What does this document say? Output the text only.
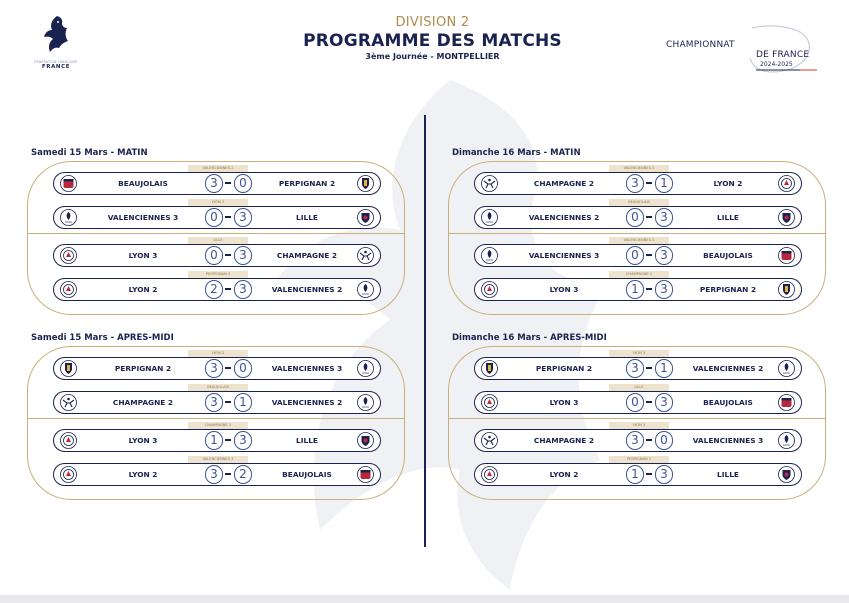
FÉDÉRATION FRANÇAISE
FRANCE
DIVISION 2
PROGRAMME DES MATCHS
3ème Journée - MONTPELLIER
CHAMPIONNAT
DE FRANCE
2024-2025
Samedi 15 Mars - MATIN
VALENCIENNES 2
BEAUJOLAIS	3	0	PERPIGNAN 2
LYON 2
VALENCIENNES 3	0	3	LILLE
LILLE
LYON 3	0	3	CHAMPAGNE 2
PERPIGNAN 2
LYON 2	2	3	VALENCIENNES 2
Dimanche 16 Mars - MATIN
VALENCIENNES 3
CHAMPAGNE 2	3	1	LYON 2
BEAUJOLAIS
VALENCIENNES 2	0	3	LILLE
VALENCIENNES 2
VALENCIENNES 3	0	3	BEAUJOLAIS
CHAMPAGNE 2
LYON 3	1	3	PERPIGNAN 2
Samedi 15 Mars - APRES-MIDI
LYON 2
PERPIGNAN 2	3	0	VALENCIENNES 3
BEAUJOLAIS
CHAMPAGNE 2	3	1	VALENCIENNES 2
CHAMPAGNE 2
LYON 3	1	3	LILLE
VALENCIENNES 3
LYON 2	3	2	BEAUJOLAIS
Dimanche 16 Mars - APRES-MIDI
LYON 3
PERPIGNAN 2	3	1	VALENCIENNES 2
LILLE
LYON 3	0	3	BEAUJOLAIS
LYON 2
CHAMPAGNE 2	3	0	VALENCIENNES 3
PERPIGNAN 2
LYON 2	1	3	LILLE
